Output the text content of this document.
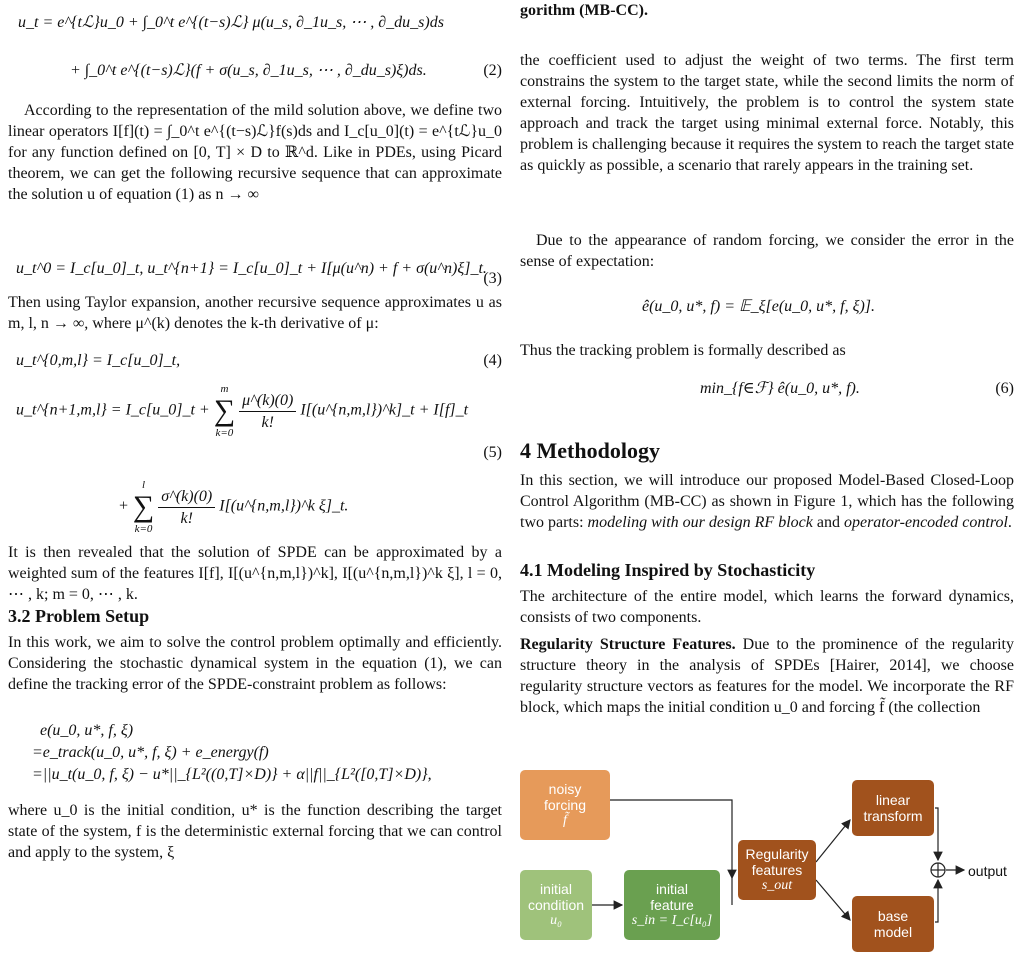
u_t = e^{tℒ}u_0 + ∫_0^t e^{(t−s)ℒ} μ(u_s, ∂_1u_s, ⋯ , ∂_du_s)ds
+ ∫_0^t e^{(t−s)ℒ}(f + σ(u_s, ∂_1u_s, ⋯ , ∂_du_s)ξ)ds.	(2)
According to the representation of the mild solution above, we define two linear operators I[f](t) = ∫_0^t e^{(t−s)ℒ}f(s)ds and I_c[u_0](t) = e^{tℒ}u_0 for any function defined on [0, T] × D to ℝ^d. Like in PDEs, using Picard theorem, we can get the following recursive sequence that can approximate the solution u of equation (1) as n → ∞
u_t^0 = I_c[u_0]_t, u_t^{n+1} = I_c[u_0]_t + I[μ(u^n) + f + σ(u^n)ξ]_t.
(3)
Then using Taylor expansion, another recursive sequence approximates u as m, l, n → ∞, where μ^(k) denotes the k-th derivative of μ:
u_t^{0,m,l} = I_c[u_0]_t,	(4)
u_t^{n+1,m,l} = I_c[u_0]_t +
m
∑
k=0

$\frac{\mu\^{}(k)(0)}{k!}$ I[(u^{n,m,l})^k]_t + I[f]_t
(5)
+
l
∑
k=0

$\frac{\sigma\^{}(k)(0)}{k!}$ I[(u^{n,m,l})^k ξ]_t.
It is then revealed that the solution of SPDE can be approximated by a weighted sum of the features I[f], I[(u^{n,m,l})^k], I[(u^{n,m,l})^k ξ], l = 0, ⋯ , k; m = 0, ⋯ , k.
3.2 Problem Setup
In this work, we aim to solve the control problem optimally and efficiently. Considering the stochastic dynamical system in the equation (1), we can define the tracking error of the SPDE-constraint problem as follows:
e(u_0, u*, f, ξ)
=e_track(u_0, u*, f, ξ) + e_energy(f)
=||u_t(u_0, f, ξ) − u*||_{L²((0,T]×D)} + α||f||_{L²([0,T]×D)},
where u_0 is the initial condition, u* is the function describing the target state of the system, f is the deterministic external forcing that we can control and apply to the system, ξ
gorithm (MB-CC).
the coefficient used to adjust the weight of two terms. The first term constrains the system to the target state, while the second limits the norm of external forcing. Intuitively, the problem is to control the system state approach and track the target using minimal external force. Notably, this problem is challenging because it requires the system to reach the target state as quickly as possible, a scenario that rarely appears in the training set.
Due to the appearance of random forcing, we consider the error in the sense of expectation:
ê(u_0, u*, f) = 𝔼_ξ[e(u_0, u*, f, ξ)].
Thus the tracking problem is formally described as
min_{f∈ℱ} ê(u_0, u*, f).	(6)
4 Methodology
In this section, we will introduce our proposed Model-Based Closed-Loop Control Algorithm (MB-CC) as shown in Figure 1, which has the following two parts: modeling with our design RF block and operator-encoded control.
4.1 Modeling Inspired by Stochasticity
The architecture of the entire model, which learns the forward dynamics, consists of two components.
Regularity Structure Features. Due to the prominence of the regularity structure theory in the analysis of SPDEs [Hairer, 2014], we choose regularity structure vectors as features for the model. We incorporate the RF block, which maps the initial condition u_0 and forcing f̃ (the collection
noisy
forcing
f̃
initial
condition
u₀
initial
feature
s_in = I_c[u₀]
Regularity
features
s_out
linear
transform
base
model
output
